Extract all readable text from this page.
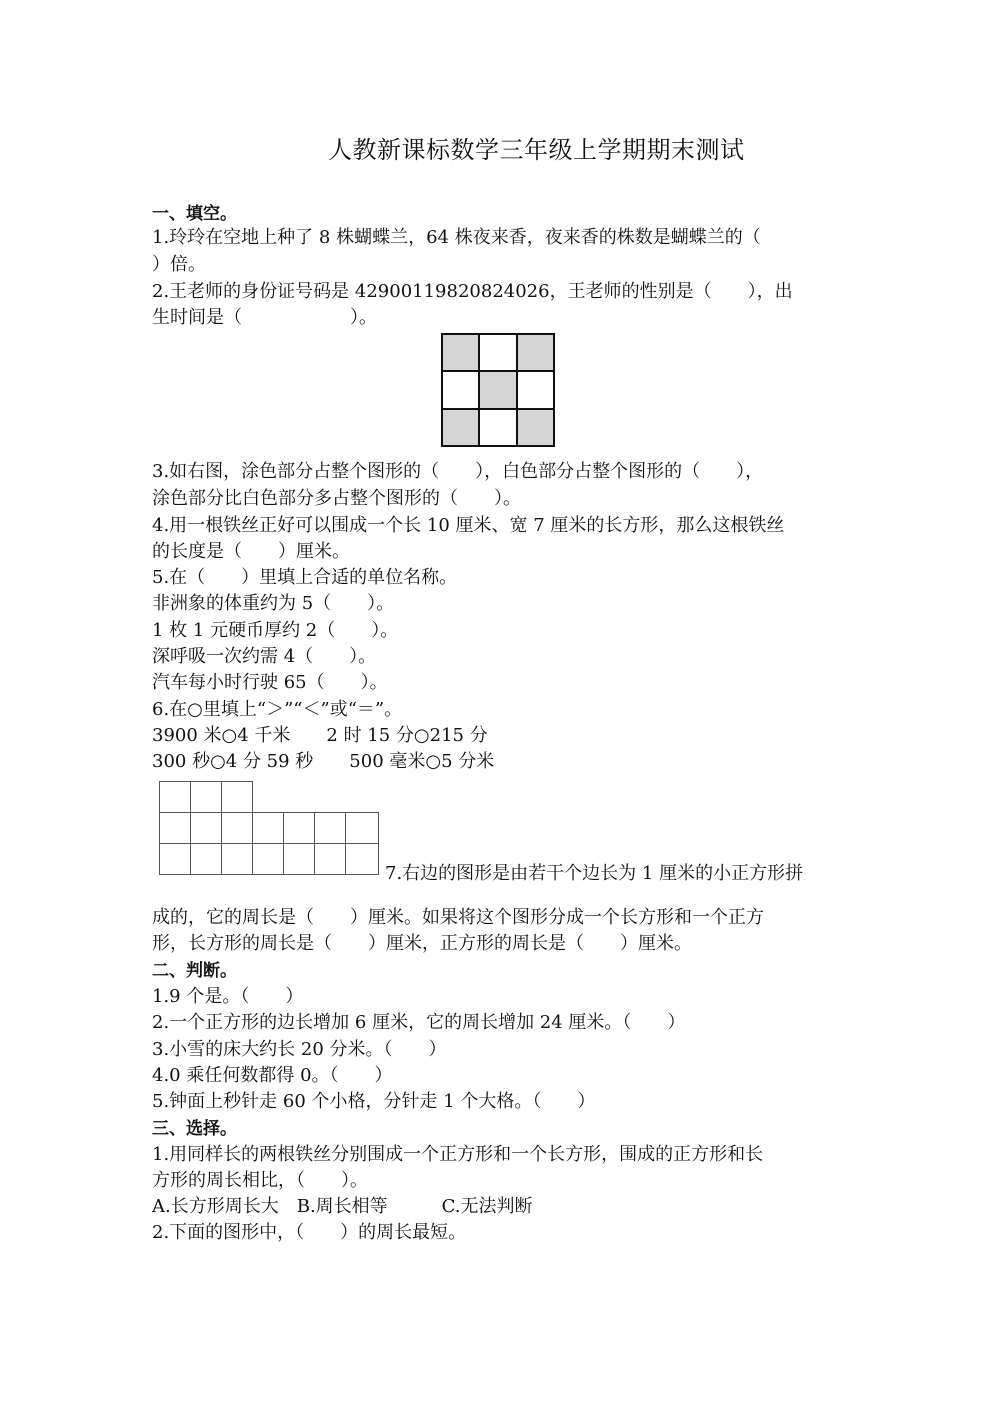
人教新课标数学三年级上学期期末测试
一、填空。
1.玲玲在空地上种了 8 株蝴蝶兰，64 株夜来香，夜来香的株数是蝴蝶兰的（
）倍。
2.王老师的身份证号码是 42900119820824026，王老师的性别是（　　），出
生时间是（　　　　　　）。
3.如右图，涂色部分占整个图形的（　　），白色部分占整个图形的（　　），
涂色部分比白色部分多占整个图形的（　　）。
4.用一根铁丝正好可以围成一个长 10 厘米、宽 7 厘米的长方形，那么这根铁丝
的长度是（　　）厘米。
5.在（　　）里填上合适的单位名称。
非洲象的体重约为 5（　　）。
1 枚 1 元硬币厚约 2（　　）。
深呼吸一次约需 4（　　）。
汽车每小时行驶 65（　　）。
6.在○里填上“＞”“＜”或“＝”。
3900 米○4 千米　　2 时 15 分○215 分
300 秒○4 分 59 秒　　500 毫米○5 分米
7.右边的图形是由若干个边长为 1 厘米的小正方形拼
成的，它的周长是（　　）厘米。如果将这个图形分成一个长方形和一个正方
形，长方形的周长是（　　）厘米，正方形的周长是（　　）厘米。
二、判断。
1.9 个是。（　　）
2.一个正方形的边长增加 6 厘米，它的周长增加 24 厘米。（　　）
3.小雪的床大约长 20 分米。（　　）
4.0 乘任何数都得 0。（　　）
5.钟面上秒针走 60 个小格，分针走 1 个大格。（　　）
三、选择。
1.用同样长的两根铁丝分别围成一个正方形和一个长方形，围成的正方形和长
方形的周长相比，（　　）。
A.长方形周长大　B.周长相等　　　C.无法判断
2.下面的图形中，（　　）的周长最短。
